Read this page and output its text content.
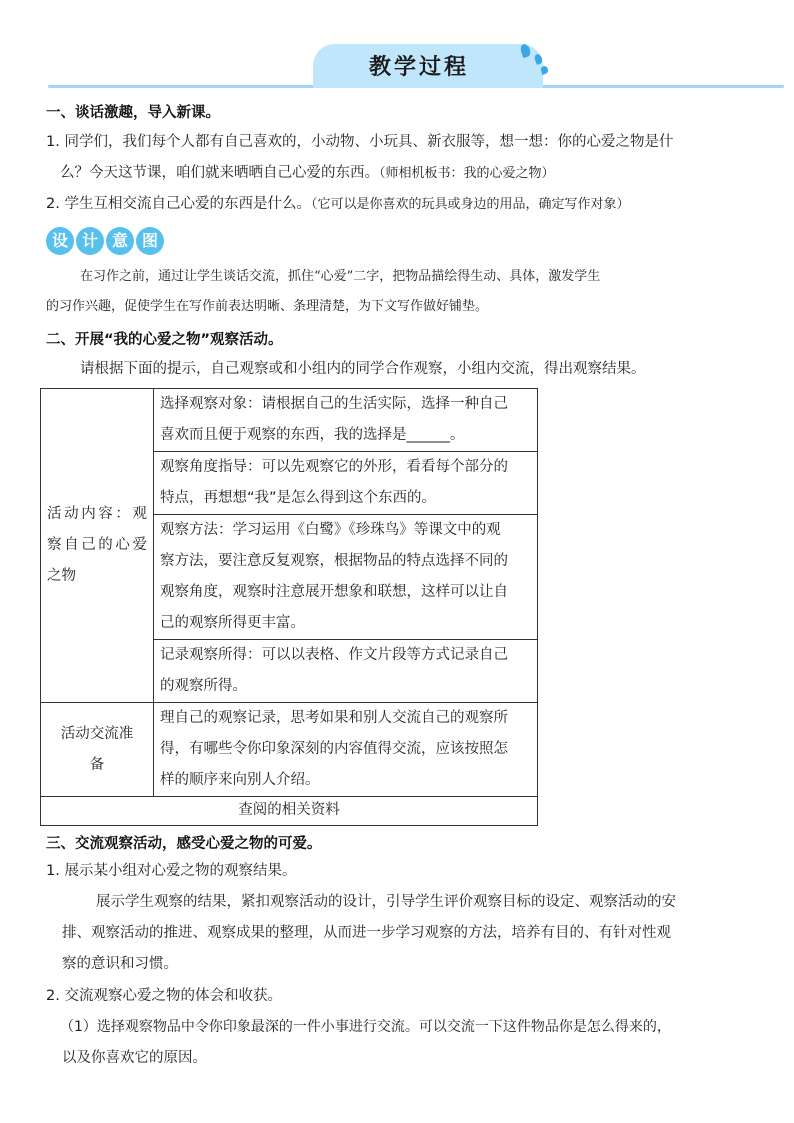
教学过程
一、谈话激趣，导入新课。
1. 同学们，我们每个人都有自己喜欢的，小动物、小玩具、新衣服等，想一想：你的心爱之物是什
么？今天这节课，咱们就来晒晒自己心爱的东西。（师相机板书：我的心爱之物）
2. 学生互相交流自己心爱的东西是什么。（它可以是你喜欢的玩具或身边的用品，确定写作对象）
设 计 意 图
在习作之前，通过让学生谈话交流，抓住“心爱”二字，把物品描绘得生动、具体，激发学生
的习作兴趣，促使学生在写作前表达明晰、条理清楚，为下文写作做好铺垫。
二、开展“我的心爱之物”观察活动。
请根据下面的提示，自己观察或和小组内的同学合作观察，小组内交流，得出观察结果。
活动内容：观察自己的心爱之物	选择观察对象：请根据自己的生活实际，选择一种自己
喜欢而且便于观察的东西，我的选择是______。

	观察角度指导：可以先观察它的外形，看看每个部分的
特点，再想想“我”是怎么得到这个东西的。

	观察方法：学习运用《白鹭》《珍珠鸟》等课文中的观
察方法，要注意反复观察，根据物品的特点选择不同的
观察角度，观察时注意展开想象和联想，这样可以让自
己的观察所得更丰富。

	记录观察所得：可以以表格、作文片段等方式记录自己
的观察所得。

活动交流准备	理自己的观察记录，思考如果和别人交流自己的观察所
得，有哪些令你印象深刻的内容值得交流，应该按照怎
样的顺序来向别人介绍。

查阅的相关资料	
三、交流观察活动，感受心爱之物的可爱。
1. 展示某小组对心爱之物的观察结果。
展示学生观察的结果，紧扣观察活动的设计，引导学生评价观察目标的设定、观察活动的安
排、观察活动的推进、观察成果的整理，从而进一步学习观察的方法，培养有目的、有针对性观
察的意识和习惯。
2. 交流观察心爱之物的体会和收获。
（1）选择观察物品中令你印象最深的一件小事进行交流。可以交流一下这件物品你是怎么得来的，
以及你喜欢它的原因。
